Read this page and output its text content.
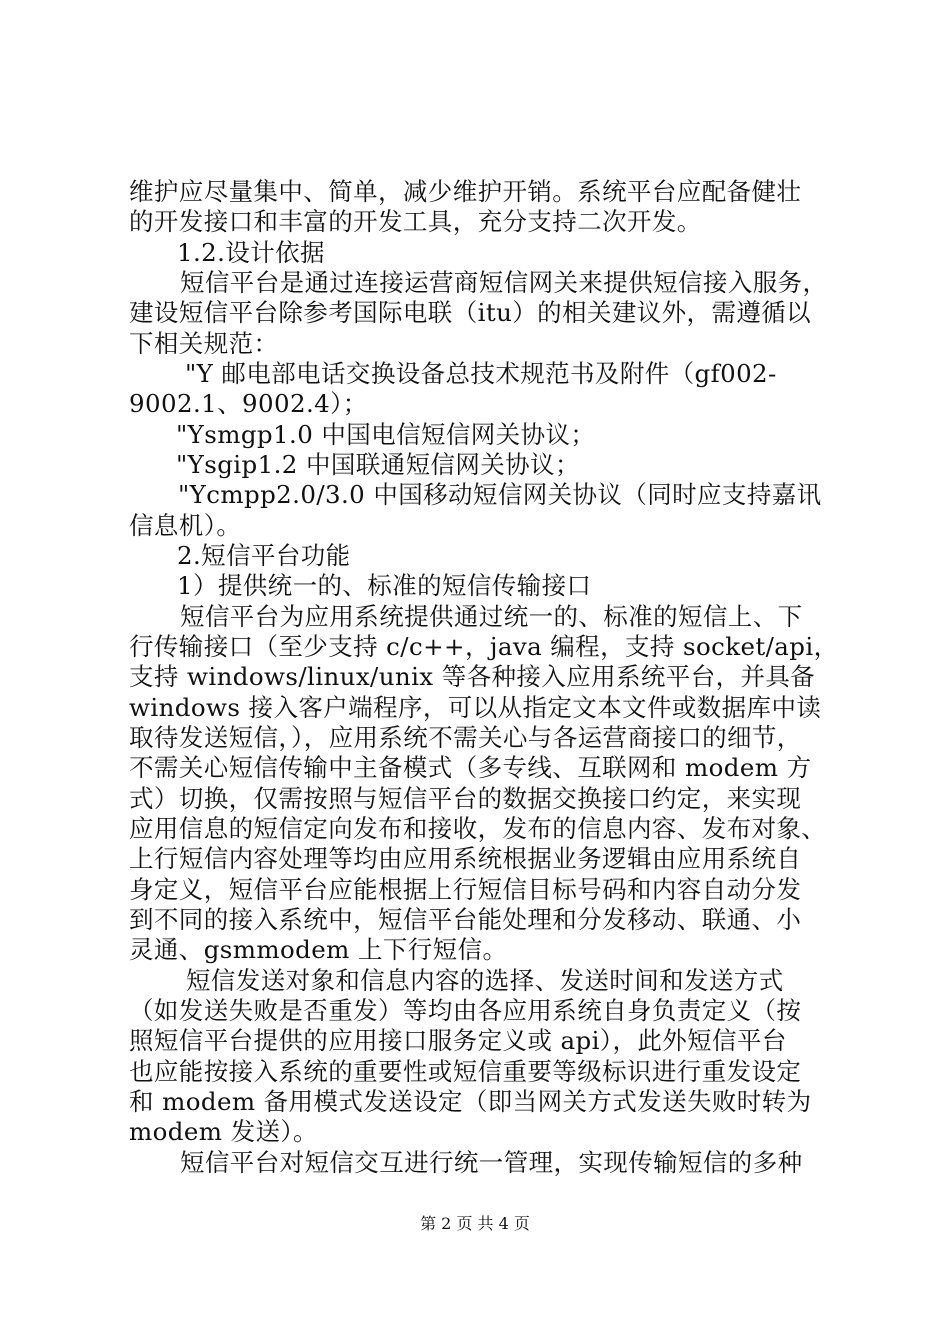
维护应尽量集中、简单，减少维护开销。系统平台应配备健壮
的开发接口和丰富的开发工具，充分支持二次开发。
1.2.设计依据
短信平台是通过连接运营商短信网关来提供短信接入服务，
建设短信平台除参考国际电联（itu）的相关建议外，需遵循以
下相关规范：
"Y 邮电部电话交换设备总技术规范书及附件（gf002-
9002.1、9002.4）；
"Ysmgp1.0 中国电信短信网关协议；
"Ysgip1.2 中国联通短信网关协议；
"Ycmpp2.0/3.0 中国移动短信网关协议（同时应支持嘉讯
信息机）。
2.短信平台功能
1）提供统一的、标准的短信传输接口
短信平台为应用系统提供通过统一的、标准的短信上、下
行传输接口（至少支持 c/c++，java 编程，支持 socket/api，
支持 windows/linux/unix 等各种接入应用系统平台，并具备
windows 接入客户端程序，可以从指定文本文件或数据库中读
取待发送短信，），应用系统不需关心与各运营商接口的细节，
不需关心短信传输中主备模式（多专线、互联网和 modem 方
式）切换，仅需按照与短信平台的数据交换接口约定，来实现
应用信息的短信定向发布和接收，发布的信息内容、发布对象、
上行短信内容处理等均由应用系统根据业务逻辑由应用系统自
身定义，短信平台应能根据上行短信目标号码和内容自动分发
到不同的接入系统中，短信平台能处理和分发移动、联通、小
灵通、gsmmodem 上下行短信。
短信发送对象和信息内容的选择、发送时间和发送方式
（如发送失败是否重发）等均由各应用系统自身负责定义（按
照短信平台提供的应用接口服务定义或 api），此外短信平台
也应能按接入系统的重要性或短信重要等级标识进行重发设定
和 modem 备用模式发送设定（即当网关方式发送失败时转为
modem 发送）。
短信平台对短信交互进行统一管理，实现传输短信的多种
第 2 页 共 4 页
